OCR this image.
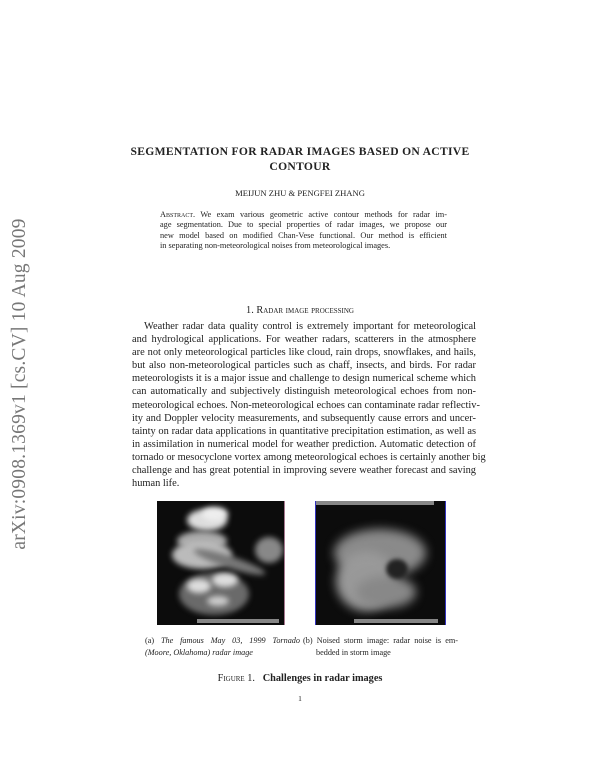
arXiv:0908.1369v1 [cs.CV] 10 Aug 2009
SEGMENTATION FOR RADAR IMAGES BASED ON ACTIVE
CONTOUR
MEIJUN ZHU & PENGFEI ZHANG
Abstract. We exam various geometric active contour methods for radar im-
age segmentation. Due to special properties of radar images, we propose our
new model based on modified Chan-Vese functional. Our method is efficient
in separating non-meteorological noises from meteorological images.
1. Radar image processing
Weather radar data quality control is extremely important for meteorological
and hydrological applications. For weather radars, scatterers in the atmosphere
are not only meteorological particles like cloud, rain drops, snowflakes, and hails,
but also non-meteorological particles such as chaff, insects, and birds. For radar
meteorologists it is a major issue and challenge to design numerical scheme which
can automatically and subjectively distinguish meteorological echoes from non-
meteorological echoes. Non-meteorological echoes can contaminate radar reflectiv-
ity and Doppler velocity measurements, and subsequently cause errors and uncer-
tainty on radar data applications in quantitative precipitation estimation, as well as
in assimilation in numerical model for weather prediction. Automatic detection of
tornado or mesocyclone vortex among meteorological echoes is certainly another big
challenge and has great potential in improving severe weather forecast and saving
human life.
(a) The famous May 03, 1999 Tornado
(Moore, Oklahoma) radar image
(b) Noised storm image: radar noise is em-
bedded in storm image
Figure 1. Challenges in radar images
1
